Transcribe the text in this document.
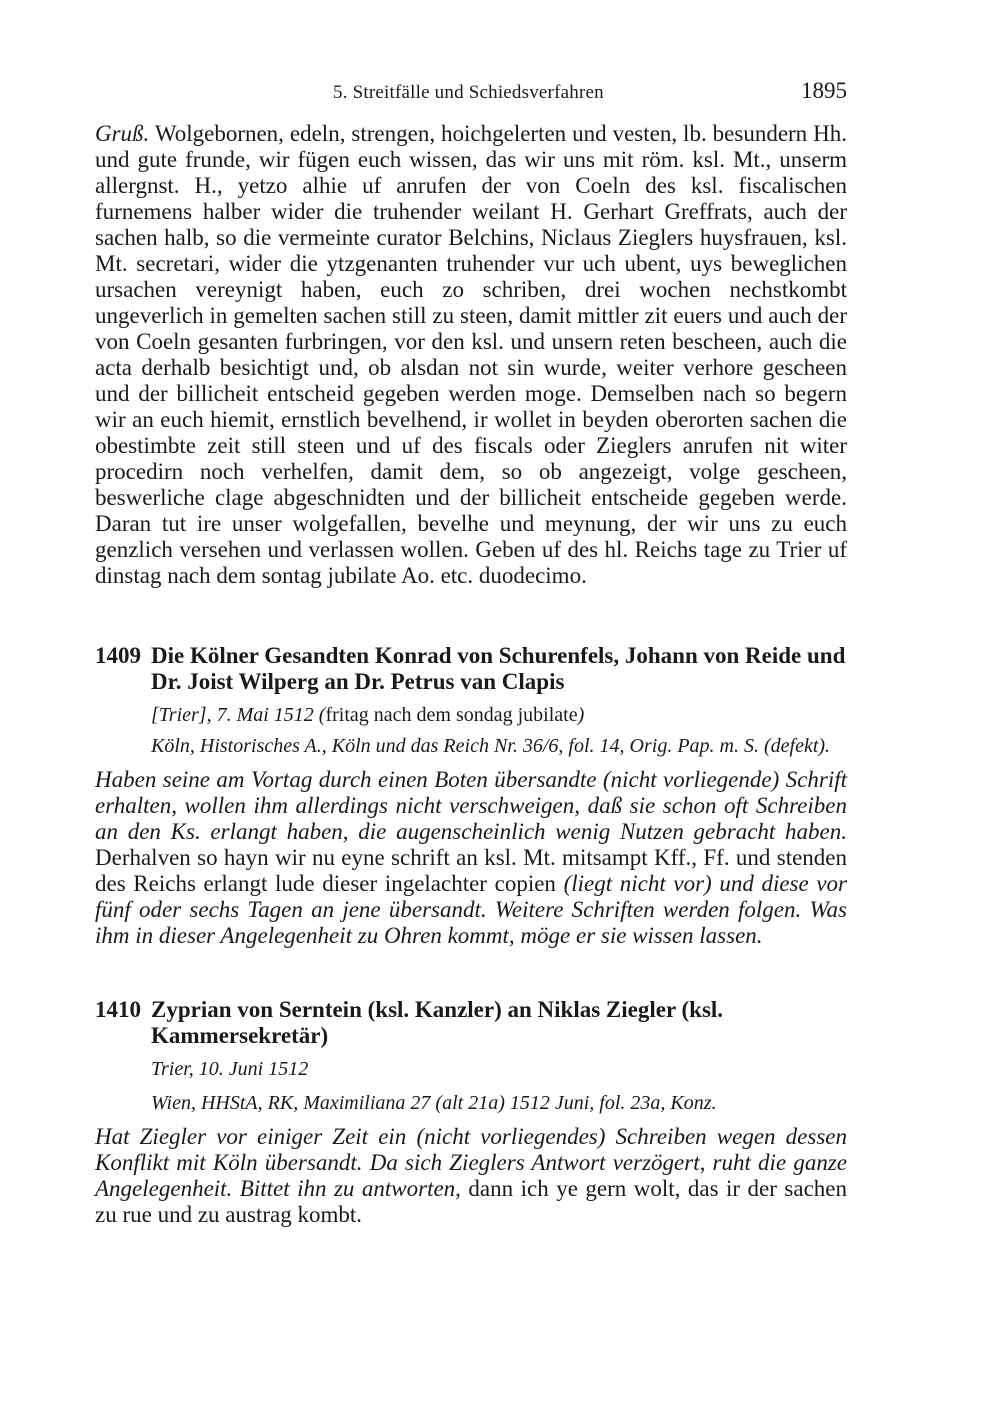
5. Streitfälle und Schiedsverfahren	1895

Gruß. Wolgebornen, edeln, strengen, hoichgelerten und vesten, lb. besundern Hh. und gute frunde, wir fügen euch wissen, das wir uns mit röm. ksl. Mt., unserm allergnst. H., yetzo alhie uf anrufen der von Coeln des ksl. fiscalischen furnemens halber wider die truhender weilant H. Gerhart Greffrats, auch der sachen halb, so die vermeinte curator Belchins, Niclaus Zieglers huysfrauen, ksl. Mt. secretari, wider die ytzgenanten truhender vur uch ubent, uys beweglichen ursachen vereynigt haben, euch zo schriben, drei wochen nechstkombt ungeverlich in gemelten sachen still zu steen, damit mittler zit euers und auch der von Coeln gesanten furbringen, vor den ksl. und unsern reten bescheen, auch die acta derhalb besichtigt und, ob alsdan not sin wurde, weiter verhore gescheen und der billicheit entscheid gegeben werden moge. Demselben nach so begern wir an euch hiemit, ernstlich bevelhend, ir wollet in beyden oberorten sachen die obestimbte zeit still steen und uf des fiscals oder Zieglers anrufen nit witer procedirn noch verhelfen, damit dem, so ob angezeigt, volge gescheen, beswerliche clage abgeschnidten und der billicheit entscheide gegeben werde. Daran tut ire unser wolgefallen, bevelhe und meynung, der wir uns zu euch genzlich versehen und verlassen wollen. Geben uf des hl. Reichs tage zu Trier uf dinstag nach dem sontag jubilate Ao. etc. duodecimo.

1409 Die Kölner Gesandten Konrad von Schurenfels, Johann von Reide und Dr. Joist Wilperg an Dr. Petrus van Clapis

[Trier], 7. Mai 1512 (fritag nach dem sondag jubilate)

Köln, Historisches A., Köln und das Reich Nr. 36/6, fol. 14, Orig. Pap. m. S. (defekt).

Haben seine am Vortag durch einen Boten übersandte (nicht vorliegende) Schrift erhalten, wollen ihm allerdings nicht verschweigen, daß sie schon oft Schreiben an den Ks. erlangt haben, die augenscheinlich wenig Nutzen gebracht haben. Derhalven so hayn wir nu eyne schrift an ksl. Mt. mitsampt Kff., Ff. und stenden des Reichs erlangt lude dieser ingelachter copien (liegt nicht vor) und diese vor fünf oder sechs Tagen an jene übersandt. Weitere Schriften werden folgen. Was ihm in dieser Angelegenheit zu Ohren kommt, möge er sie wissen lassen.

1410 Zyprian von Serntein (ksl. Kanzler) an Niklas Ziegler (ksl. Kammersekretär)

Trier, 10. Juni 1512

Wien, HHStA, RK, Maximiliana 27 (alt 21a) 1512 Juni, fol. 23a, Konz.

Hat Ziegler vor einiger Zeit ein (nicht vorliegendes) Schreiben wegen dessen Konflikt mit Köln übersandt. Da sich Zieglers Antwort verzögert, ruht die ganze Angelegenheit. Bittet ihn zu antworten, dann ich ye gern wolt, das ir der sachen zu rue und zu austrag kombt.
